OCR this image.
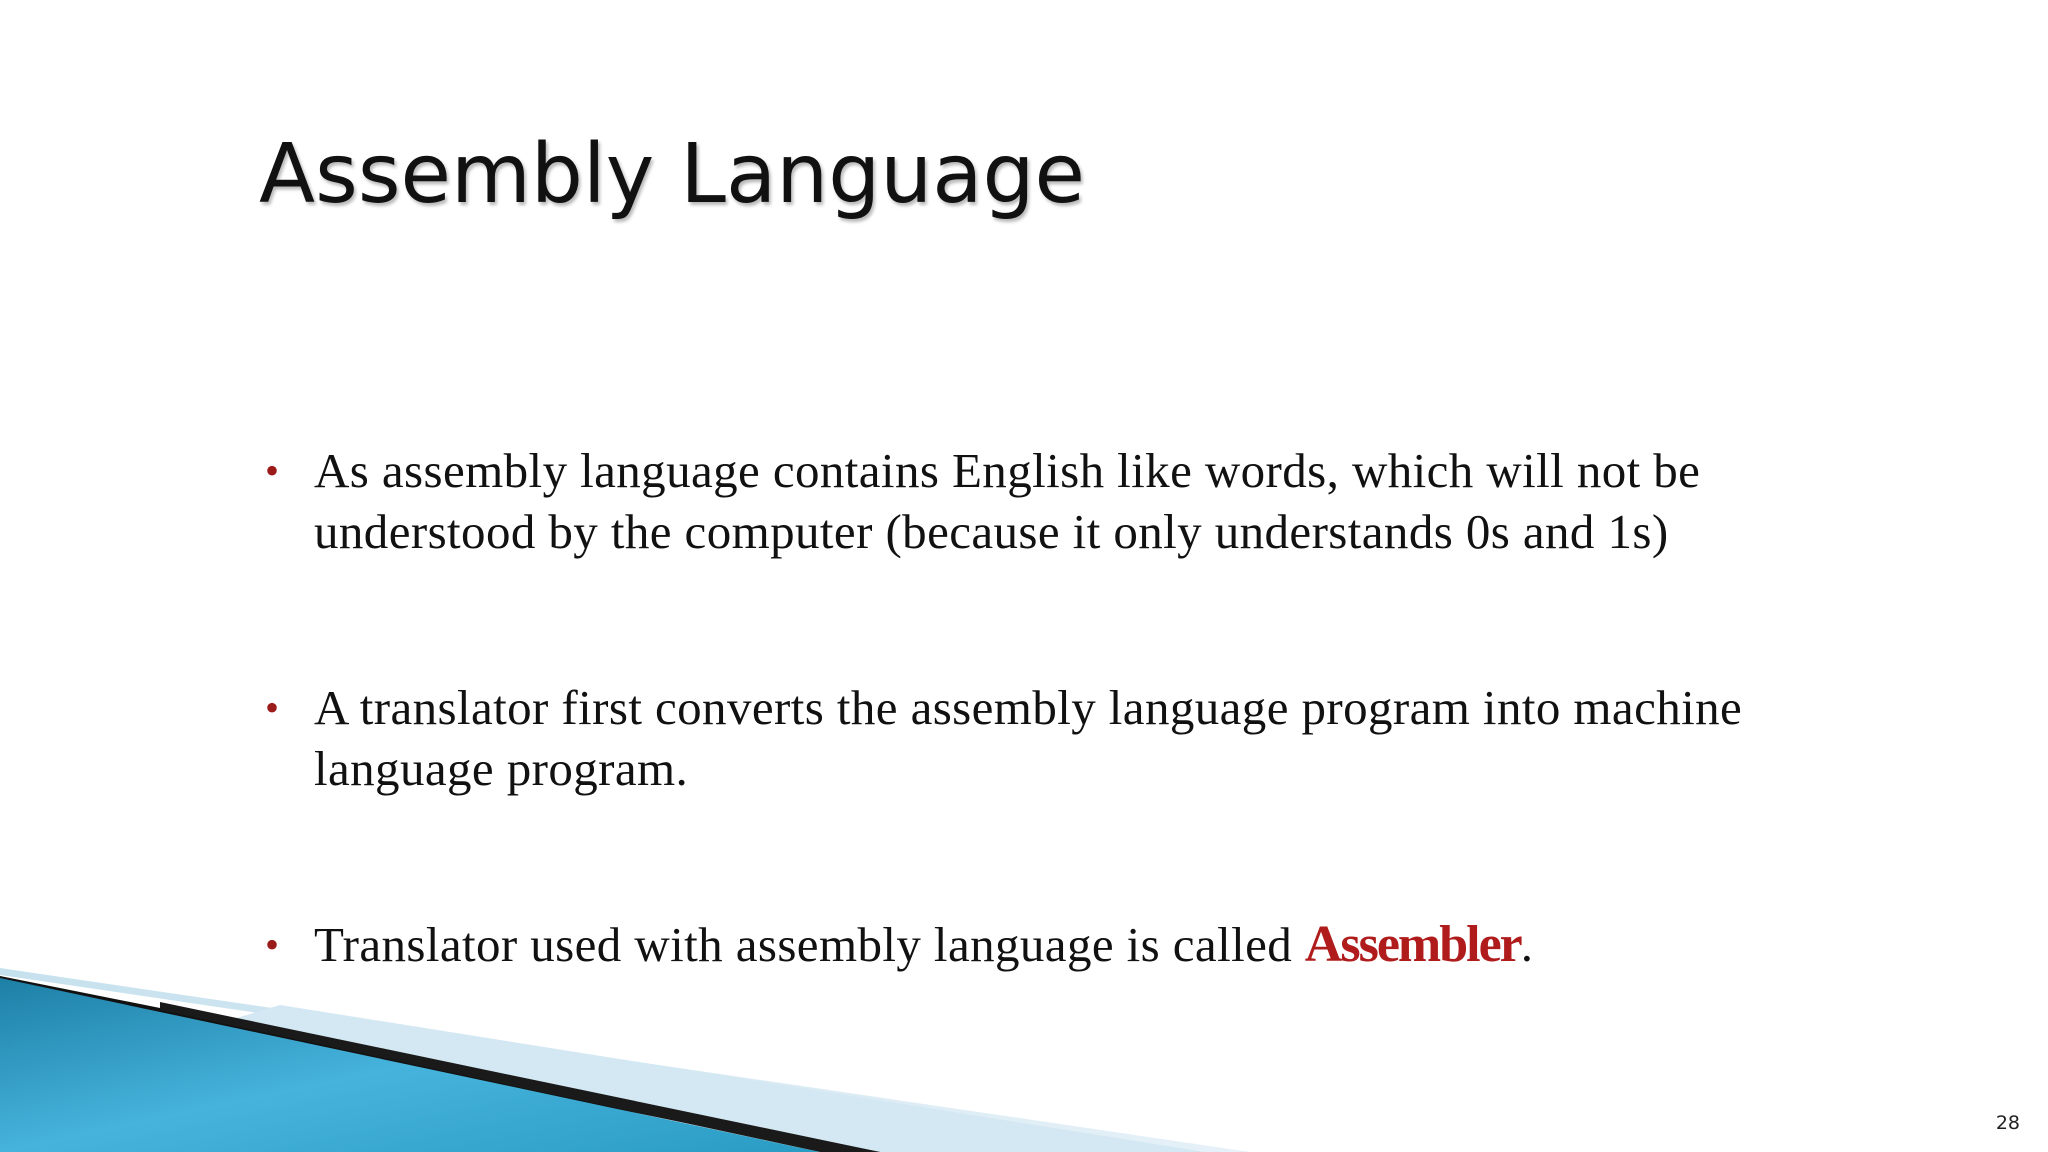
Assembly Language
• As assembly language contains English like words, which will not be understood by the computer (because it only understands 0s and 1s)
• A translator first converts the assembly language program into machine language program.
• Translator used with assembly language is called Assembler.
28
